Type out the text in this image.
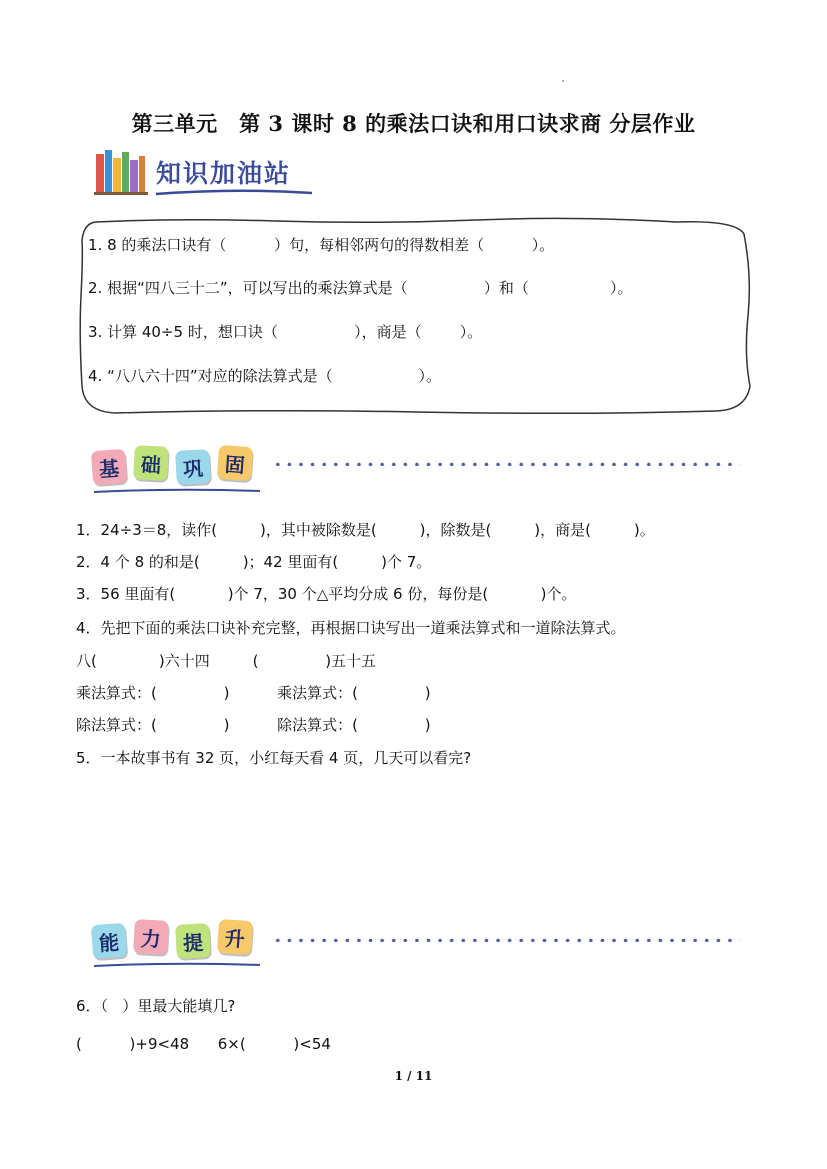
第三单元　第 3 课时 8 的乘法口诀和用口诀求商 分层作业
知识加油站
1. 8 的乘法口诀有（          ）句，每相邻两句的得数相差（          ）。
2. 根据“四八三十二”，可以写出的乘法算式是（                ）和（                 ）。
3. 计算 40÷5 时，想口诀（                ），商是（        ）。
4. “八八六十四”对应的除法算式是（                  ）。
基	础	巩	固
1．24÷3＝8，读作(         )，其中被除数是(         )，除数是(         )，商是(         )。
2．4 个 8 的和是(         )；42 里面有(         )个 7。
3．56 里面有(           )个 7，30 个△平均分成 6 份，每份是(           )个。
4．先把下面的乘法口诀补充完整，再根据口诀写出一道乘法算式和一道除法算式。
八(             )六十四         (              )五十五
乘法算式：(              )          乘法算式：(              )
除法算式：(              )          除法算式：(              )
5．一本故事书有 32 页，小红每天看 4 页，几天可以看完?
能	力	提	升
6．（   ）里最大能填几?
(          )+9<48      6×(          )<54
1 / 11
